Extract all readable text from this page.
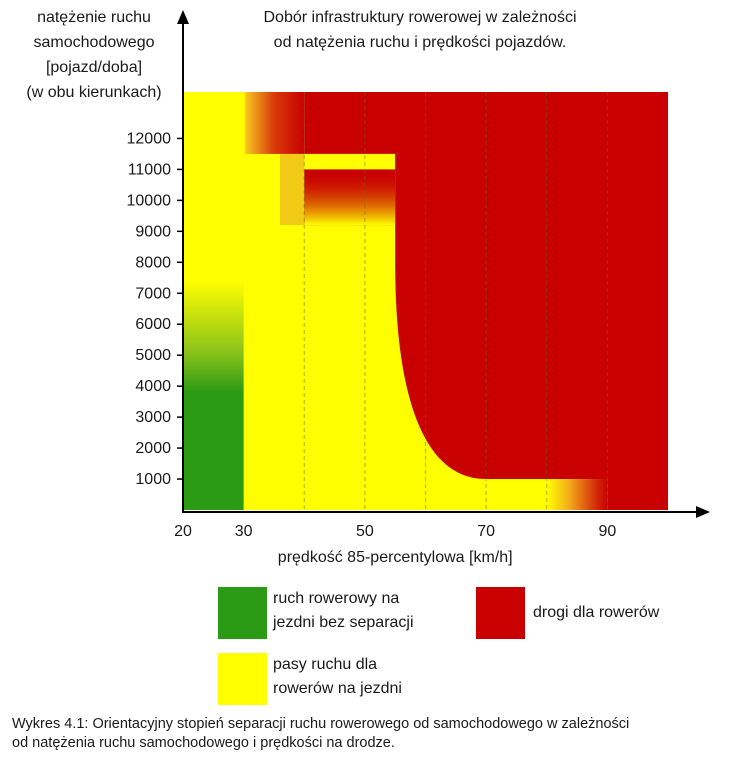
1000
2000
3000
4000
5000
6000
7000
8000
9000
10000
11000
12000
20	30	50	70	90
prędkość 85-percentylowa [km/h]
natężenie ruchu
samochodowego
[pojazd/doba]
(w obu kierunkach)
Dobór infrastruktury rowerowej w zależności
od natężenia ruchu i prędkości pojazdów.
ruch rowerowy na
jezdni bez separacji
drogi dla rowerów
pasy ruchu dla
rowerów na jezdni
Wykres 4.1: Orientacyjny stopień separacji ruchu rowerowego od samochodowego w zależności
od natężenia ruchu samochodowego i prędkości na drodze.
